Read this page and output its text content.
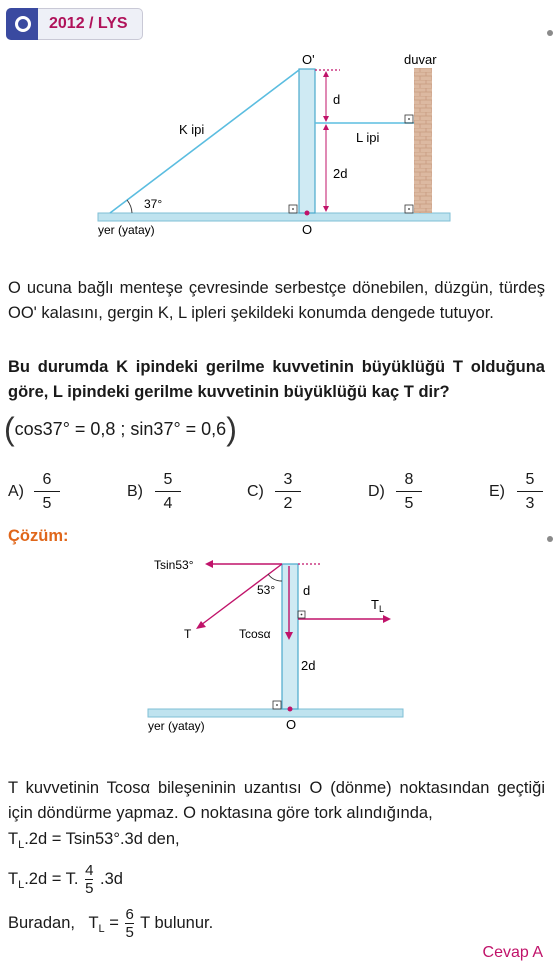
2012 / LYS
O'
O
duvar
d
2d
K ipi
L ipi
37°
yer (yatay)
O ucuna bağlı menteşe çevresinde serbestçe dönebilen, düzgün, türdeş OO' kalasını, gergin K, L ipleri şekildeki konumda dengede tutuyor.
Bu durumda K ipindeki gerilme kuvvetinin büyüklüğü T olduğuna göre, L ipindeki gerilme kuvvetinin büyüklüğü kaç T dir?
(cos37° = 0,8 ; sin37° = 0,6)
A)
6
5
B)
5
4
C)
3
2
D)
8
5
E)
5
3
Çözüm:
Tsin53°
53°
T	Tcosα
d
2d
$T_L$
O
yer (yatay)
T kuvvetinin Tcosα bileşeninin uzantısı O (dönme) noktasından geçtiği için döndürme yapmaz. O noktasına göre tork alındığında,
$T_L.2d = Tsin53^\circ.3d$ den,
$T_L.2d = T$. $\frac{4}{5} .3d$
Buradan, $T_L = \frac{6}{5}$ T bulunur.
Cevap A
